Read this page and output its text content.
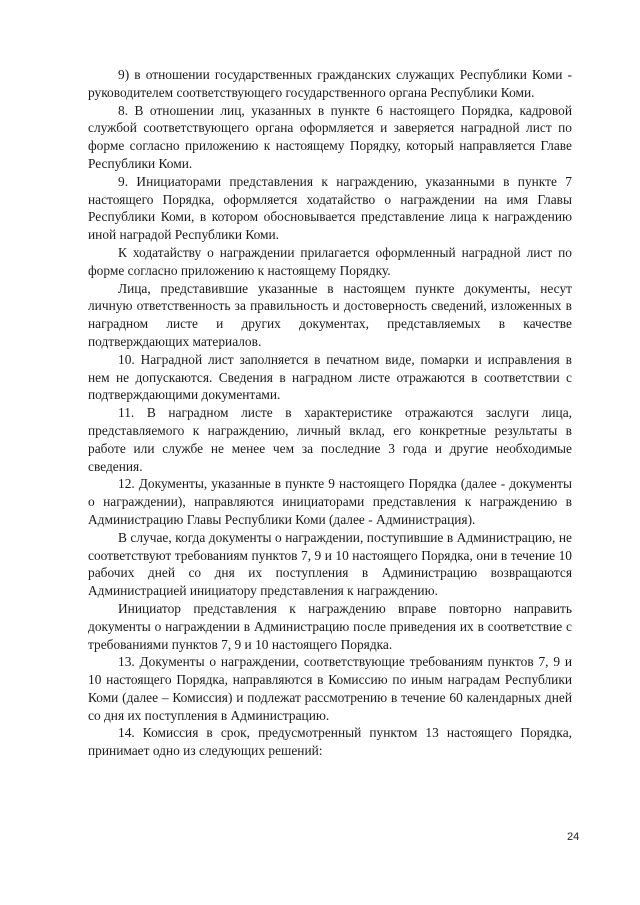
9) в отношении государственных гражданских служащих Республики Коми - руководителем соответствующего государственного органа Республики Коми.

8. В отношении лиц, указанных в пункте 6 настоящего Порядка, кадровой службой соответствующего органа оформляется и заверяется наградной лист по форме согласно приложению к настоящему Порядку, который направляется Главе Республики Коми.

9. Инициаторами представления к награждению, указанными в пункте 7 настоящего Порядка, оформляется ходатайство о награждении на имя Главы Республики Коми, в котором обосновывается представление лица к награждению иной наградой Республики Коми.

К ходатайству о награждении прилагается оформленный наградной лист по форме согласно приложению к настоящему Порядку.

Лица, представившие указанные в настоящем пункте документы, несут личную ответственность за правильность и достоверность сведений, изложенных в наградном листе и других документах, представляемых в качестве подтверждающих материалов.

10. Наградной лист заполняется в печатном виде, помарки и исправления в нем не допускаются. Сведения в наградном листе отражаются в соответствии с подтверждающими документами.

11. В наградном листе в характеристике отражаются заслуги лица, представляемого к награждению, личный вклад, его конкретные результаты в работе или службе не менее чем за последние 3 года и другие необходимые сведения.

12. Документы, указанные в пункте 9 настоящего Порядка (далее - документы о награждении), направляются инициаторами представления к награждению в Администрацию Главы Республики Коми (далее - Администрация).

В случае, когда документы о награждении, поступившие в Администрацию, не соответствуют требованиям пунктов 7, 9 и 10 настоящего Порядка, они в течение 10 рабочих дней со дня их поступления в Администрацию возвращаются Администрацией инициатору представления к награждению.

Инициатор представления к награждению вправе повторно направить документы о награждении в Администрацию после приведения их в соответствие с требованиями пунктов 7, 9 и 10 настоящего Порядка.

13. Документы о награждении, соответствующие требованиям пунктов 7, 9 и 10 настоящего Порядка, направляются в Комиссию по иным наградам Республики Коми (далее – Комиссия) и подлежат рассмотрению в течение 60 календарных дней со дня их поступления в Администрацию.

14. Комиссия в срок, предусмотренный пунктом 13 настоящего Порядка, принимает одно из следующих решений:

24
